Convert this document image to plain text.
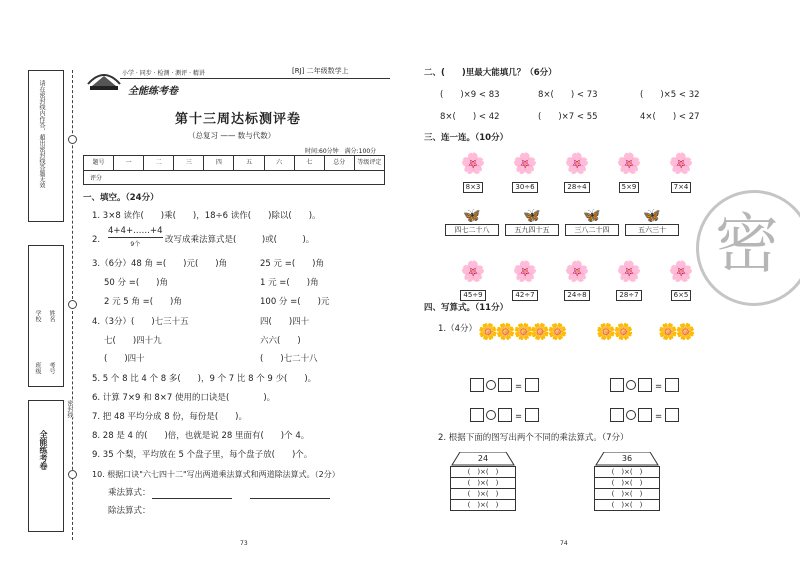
请在密封线内作答，超出密封线答题无效
学校
班级
姓名
考号
全能练考卷
密封线
全能练考卷
小学 · 同步 · 检测 · 测评 · 精讲	[RJ] 二年级数学上
第十三周达标测评卷
（总复习 —— 数与代数）
时间:60分钟　满分:100分
题号	一	二	三	四	五	六	七	总分	等级评定
评分
一、填空。（24分）
1. 3×8 读作(　　)乘(　　)，18÷6 读作(　　)除以(　　)。
2.
4+4+……+4
9个	改写成乘法算式是(　　　)或(　　　)。
3.（6分）48 角 =(　　)元(　　)角	25 元 =(　　)角
50 分 =(　　)角	1 元 =(　　)角
2 元 5 角 =(　　)角	100 分 =(　　)元
4.（3分）(　　)七三十五	四(　　)四十
七(　　)四十九	六六(　　)
(　　)四十	(　　)七二十八
5. 5 个 8 比 4 个 8 多(　　)，9 个 7 比 8 个 9 少(　　)。
6. 计算 7×9 和 8×7 使用的口诀是(　　　　)。
7. 把 48 平均分成 8 份，每份是(　　)。
8. 28 是 4 的(　　)倍，也就是说 28 里面有(　　)个 4。
9. 35 个梨，平均放在 5 个盘子里，每个盘子放(　　)个。
10. 根据口诀"六七四十二"写出两道乘法算式和两道除法算式。（2分）
乘法算式：
除法算式：
73
二、(　　)里最大能填几？（6分）
(　　)×9 < 83	8×(　　) < 73	(　　)×5 < 32
8×(　　) < 42	(　　)×7 < 55	4×(　　) < 27
三、连一连。（10分）
🌸
8×3
🌸
30÷6
🌸
28÷4
🌸
5×9
🌸
7×4
🦋
四七二十八
🦋
五九四十五
🦋
三八二十四
🦋
五六三十
🌸
45÷9
🌸
42÷7
🌸
24÷8
🌸
28÷7
🌸
6×5
四、写算式。（11分）
1.（4分） 🌼🌼🌼
🌼🌼 🌼🌼 🌼🌼
=
=
=
=
2. 根据下面的图写出两个不同的乘法算式。（7分）
24
(　)×(　)
(　)×(　)
(　)×(　)
(　)×(　)
36
(　)×(　)
(　)×(　)
(　)×(　)
(　)×(　)
74
密
